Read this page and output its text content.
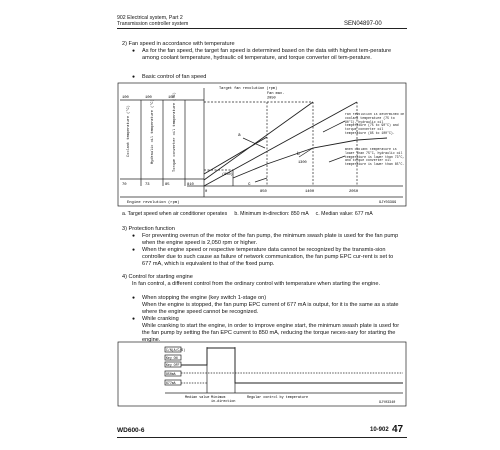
902 Electrical system, Part 2
Transmission controller system	SEN04897-00
2) Fan speed in accordance with temperature
● As for the fan speed, the target fan speed is determined based on the data with highest tem-perature among coolant temperature, hydraulic oil temperature, and torque converter oil tem-perature.
● Basic control of fan speed
Target fan revolution (rpm)
Fan max.
2050
100	100	100
Coolant temperature (°C)	Hydraulic oil temperature (°C)	Torque converter oil temperature (°C)
70	73	85	810
0	850	1400	2050
Engine revolution (rpm)	9JY03399
a
b
c
1300
(850)
Fan revolution is determined on coolant temperature (75 to 90°C), hydraulic oil temperature (75 to 90°C) and torque converter oil temperature (85 to 100°C).
When coolant temperature is lower than 75°C, hydraulic oil temperature is lower than 73°C, and torque converter oil temperature is lower than 85°C.
a. Target speed when air conditioner operates     b. Minimum in-direction: 850 mA     c. Median value: 677 mA
3) Protection function
● For preventing overrun of the motor of the fan pump, the minimum swash plate is used for the fan pump when the engine speed is 2,050 rpm or higher.
● When the engine speed or respective temperature data cannot be recognized by the transmis-sion controller due to such cause as failure of network communication, the fan pump EPC cur-rent is set to 677 mA, which is equivalent to that of the fixed pump.
4) Control for starting engine
In fan control, a different control from the ordinary control with temperature when starting the engine.
● When stopping the engine (key switch 1-stage on)
When the engine is stopped, the fan pump EPC current of 677 mA is output, for it is the same as a state where the engine speed cannot be recognized.
● While cranking
While cranking to start the engine, in order to improve engine start, the minimum swash plate is used for the fan pump by setting the fan EPC current to 850 mA, reducing the torque neces-sary for starting the engine.
C/N(A/C/S)
Key ON
Key OFF
850mA
677mA
Median value Minimum
in-direction
Regular control by temperature
9JY03340
WD600-6	10-902 47
